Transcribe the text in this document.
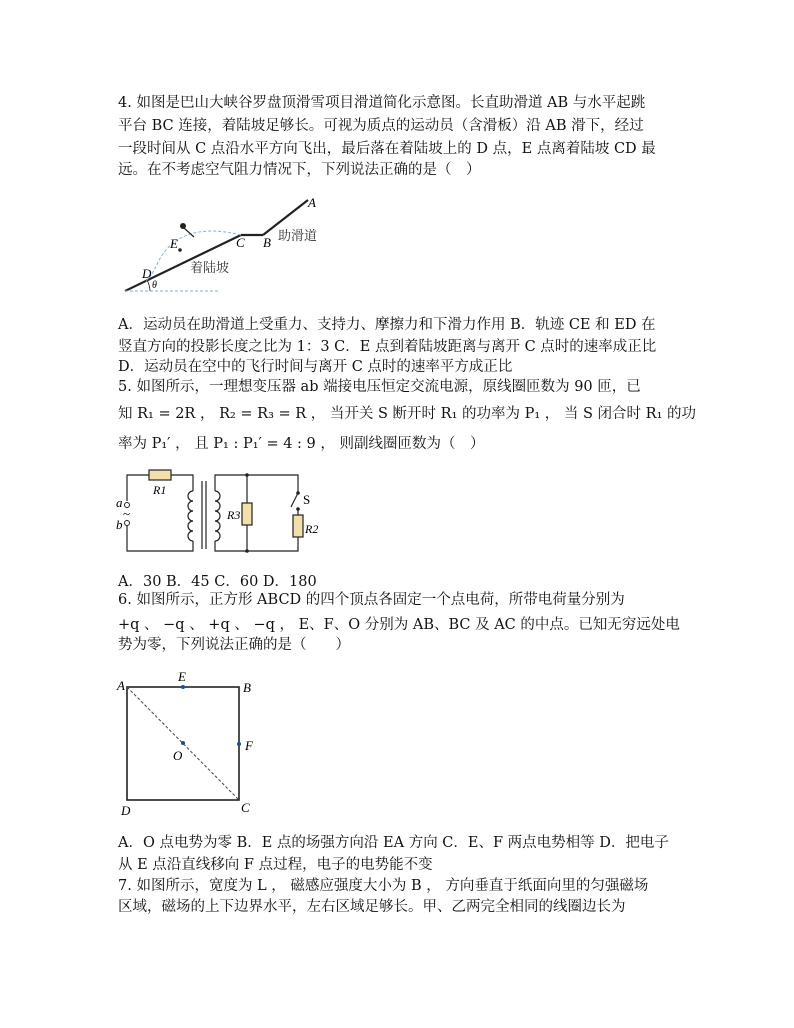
4. 如图是巴山大峡谷罗盘顶滑雪项目滑道简化示意图。长直助滑道 AB 与水平起跳
平台 BC 连接，着陆坡足够长。可视为质点的运动员（含滑板）沿 AB 滑下，经过
一段时间从 C 点沿水平方向飞出，最后落在着陆坡上的 D 点，E 点离着陆坡 CD 最
远。在不考虑空气阻力情况下，下列说法正确的是（　）
C B
A
E
D
θ
助滑道
着陆坡
A．运动员在助滑道上受重力、支持力、摩擦力和下滑力作用 B．轨迹 CE 和 ED 在
竖直方向的投影长度之比为 1：3 C．E 点到着陆坡距离与离开 C 点时的速率成正比
D．运动员在空中的飞行时间与离开 C 点时的速率平方成正比
5. 如图所示，一理想变压器 ab 端接电压恒定交流电源，原线圈匝数为 90 匝，已
知 R₁ = 2R ， R₂ = R₃ = R ， 当开关 S 断开时 R₁ 的功率为 P₁ ， 当 S 闭合时 R₁ 的功
率为 P₁′ ， 且 P₁ : P₁′ = 4 : 9 ， 则副线圈匝数为（　）
a
~
b
R1
R3
R2
S
A．30 B．45 C．60 D．180
6. 如图所示，正方形 ABCD 的四个顶点各固定一个点电荷，所带电荷量分别为
+q 、 −q 、 +q 、 −q ， E、F、O 分别为 AB、BC 及 AC 的中点。已知无穷远处电
势为零，下列说法正确的是（　　）
A
E
B
F
O
D	C
A．O 点电势为零 B．E 点的场强方向沿 EA 方向 C．E、F 两点电势相等 D．把电子
从 E 点沿直线移向 F 点过程，电子的电势能不变
7. 如图所示，宽度为 L ， 磁感应强度大小为 B ， 方向垂直于纸面向里的匀强磁场
区域，磁场的上下边界水平，左右区域足够长。甲、乙两完全相同的线圈边长为
